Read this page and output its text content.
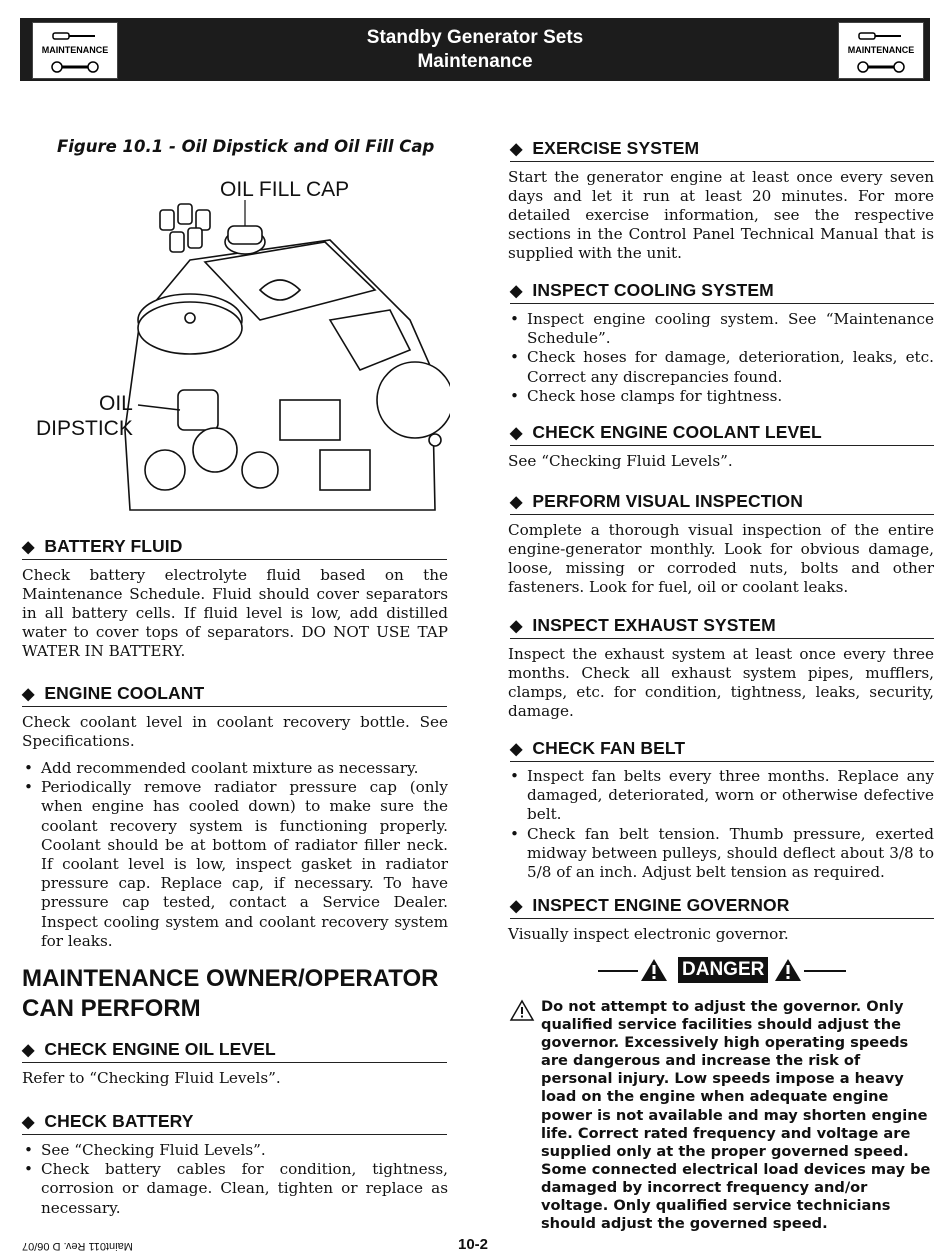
MAINTENANCE
Standby Generator Sets
Maintenance
MAINTENANCE
Figure 10.1 - Oil Dipstick and Oil Fill Cap
OIL FILL CAP
OIL
DIPSTICK
◆ BATTERY FLUID

Check battery electrolyte fluid based on the Maintenance Schedule. Fluid should cover separators in all battery cells. If fluid level is low, add distilled water to cover tops of separators. DO NOT USE TAP WATER IN BATTERY.

◆ ENGINE COOLANT

Check coolant level in coolant recovery bottle. See Specifications.

• Add recommended coolant mixture as necessary.
• Periodically remove radiator pressure cap (only when engine has cooled down) to make sure the coolant recovery system is functioning properly. Coolant should be at bottom of radiator filler neck. If coolant level is low, inspect gasket in radiator pressure cap. Replace cap, if necessary. To have pressure cap tested, contact a Service Dealer. Inspect cooling system and coolant recovery system for leaks.
MAINTENANCE OWNER/OPERATOR
CAN PERFORM
◆ CHECK ENGINE OIL LEVEL

Refer to “Checking Fluid Levels”.

◆ CHECK BATTERY
• See “Checking Fluid Levels”.
• Check battery cables for condition, tightness, corrosion or damage. Clean, tighten or replace as necessary.
◆ EXERCISE SYSTEM

Start the generator engine at least once every seven days and let it run at least 20 minutes. For more detailed exercise information, see the respective sections in the Control Panel Technical Manual that is supplied with the unit.

◆ INSPECT COOLING SYSTEM
• Inspect engine cooling system. See “Maintenance Schedule”.
• Check hoses for damage, deterioration, leaks, etc. Correct any discrepancies found.
• Check hose clamps for tightness.
◆ CHECK ENGINE COOLANT LEVEL

See “Checking Fluid Levels”.

◆ PERFORM VISUAL INSPECTION

Complete a thorough visual inspection of the entire engine-generator monthly. Look for obvious damage, loose, missing or corroded nuts, bolts and other fasteners. Look for fuel, oil or coolant leaks.

◆ INSPECT EXHAUST SYSTEM

Inspect the exhaust system at least once every three months. Check all exhaust system pipes, mufflers, clamps, etc. for condition, tightness, leaks, security, damage.

◆ CHECK FAN BELT
• Inspect fan belts every three months. Replace any damaged, deteriorated, worn or otherwise defective belt.
• Check fan belt tension. Thumb pressure, exerted midway between pulleys, should deflect about 3/8 to 5/8 of an inch. Adjust belt tension as required.
◆ INSPECT ENGINE GOVERNOR

Visually inspect electronic governor.

DANGER
Do not attempt to adjust the governor. Only qualified service facilities should adjust the governor. Excessively high operating speeds are dangerous and increase the risk of personal injury. Low speeds impose a heavy load on the engine when adequate engine power is not available and may shorten engine life. Correct rated frequency and voltage are supplied only at the proper governed speed. Some connected electrical load devices may be damaged by incorrect frequency and/or voltage. Only qualified service technicians should adjust the governed speed.
Maint011 Rev. D 06/07	10-2
